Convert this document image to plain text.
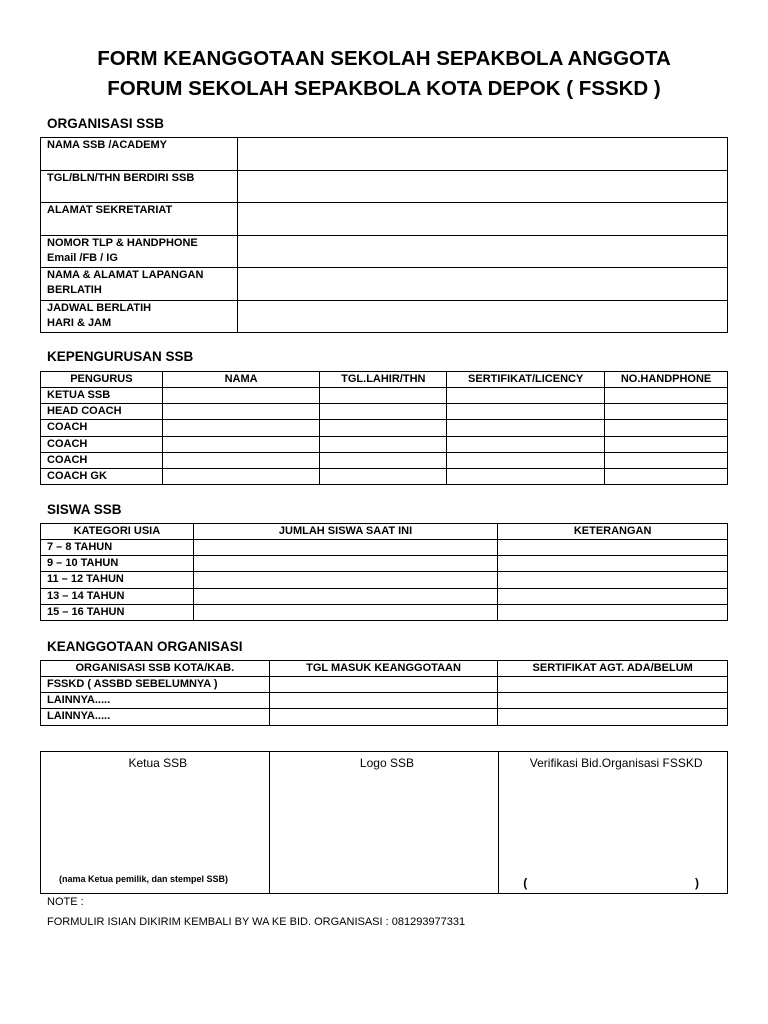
FORM KEANGGOTAAN SEKOLAH SEPAKBOLA ANGGOTA
FORUM SEKOLAH SEPAKBOLA KOTA DEPOK ( FSSKD )
ORGANISASI SSB
NAMA SSB /ACADEMY	

TGL/BLN/THN BERDIRI SSB	

ALAMAT SEKRETARIAT	

NOMOR TLP & HANDPHONE
Email /FB / IG	

NAMA & ALAMAT LAPANGAN
BERLATIH	

JADWAL BERLATIH
HARI & JAM	

KEPENGURUSAN SSB
PENGURUS	NAMA	TGL.LAHIR/THN	SERTIFIKAT/LICENCY	NO.HANDPHONE
KETUA SSB				
HEAD COACH				
COACH				
COACH				
COACH				
COACH GK				
SISWA SSB
KATEGORI USIA	JUMLAH SISWA SAAT INI	KETERANGAN
7 – 8 TAHUN		
9 – 10 TAHUN		
11 – 12 TAHUN		
13 – 14 TAHUN		
15 – 16 TAHUN		
KEANGGOTAAN ORGANISASI
ORGANISASI SSB KOTA/KAB.	TGL MASUK KEANGGOTAAN	SERTIFIKAT AGT. ADA/BELUM
FSSKD ( ASSBD SEBELUMNYA )		
LAINNYA.....		
LAINNYA.....		
Ketua SSB
(nama Ketua pemilik, dan stempel SSB)
	Logo SSB	Verifikasi Bid.Organisasi FSSKD
(	)
NOTE :
FORMULIR ISIAN DIKIRIM KEMBALI BY WA KE BID. ORGANISASI : 081293977331
